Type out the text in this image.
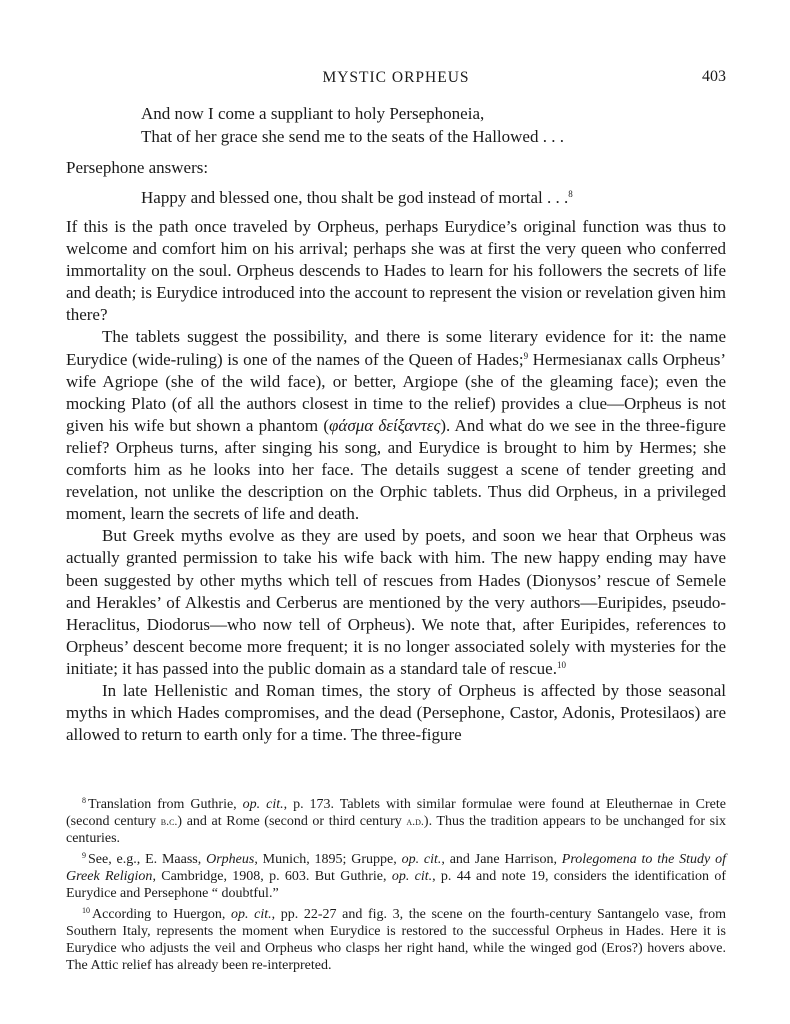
MYSTIC ORPHEUS	403
And now I come a suppliant to holy Persephoneia,
That of her grace she send me to the seats of the Hallowed . . .
Persephone answers:
Happy and blessed one, thou shalt be god instead of mortal . . .$^8$

If this is the path once traveled by Orpheus, perhaps Eurydice’s original function was thus to welcome and comfort him on his arrival; perhaps she was at first the very queen who conferred immortality on the soul. Orpheus descends to Hades to learn for his followers the secrets of life and death; is Eurydice introduced into the account to represent the vision or revelation given him there?

The tablets suggest the possibility, and there is some literary evidence for it: the name Eurydice (wide-ruling) is one of the names of the Queen of Hades;$^9$ Hermesianax calls Orpheus’ wife Agriope (she of the wild face), or better, Argiope (she of the gleaming face); even the mocking Plato (of all the authors closest in time to the relief) provides a clue—Orpheus is not given his wife but shown a phantom (φάσμα δείξαντες). And what do we see in the three-figure relief? Orpheus turns, after singing his song, and Eurydice is brought to him by Hermes; she comforts him as he looks into her face. The details suggest a scene of tender greeting and revelation, not unlike the description on the Orphic tablets. Thus did Orpheus, in a privileged moment, learn the secrets of life and death.

But Greek myths evolve as they are used by poets, and soon we hear that Orpheus was actually granted permission to take his wife back with him. The new happy ending may have been suggested by other myths which tell of rescues from Hades (Dionysos’ rescue of Semele and Herakles’ of Alkestis and Cerberus are mentioned by the very authors—Euripides, pseudo-Heraclitus, Diodorus—who now tell of Orpheus). We note that, after Euripides, references to Orpheus’ descent become more frequent; it is no longer associated solely with mysteries for the initiate; it has passed into the public domain as a standard tale of rescue.$^{10}$

In late Hellenistic and Roman times, the story of Orpheus is affected by those seasonal myths in which Hades compromises, and the dead (Persephone, Castor, Adonis, Protesilaos) are allowed to return to earth only for a time. The three-figure

$^8$ Translation from Guthrie, op. cit., p. 173. Tablets with similar formulae were found at Eleuthernae in Crete (second century b.c.) and at Rome (second or third century a.d.). Thus the tradition appears to be unchanged for six centuries.

$^9$ See, e.g., E. Maass, Orpheus, Munich, 1895; Gruppe, op. cit., and Jane Harrison, Prolegomena to the Study of Greek Religion, Cambridge, 1908, p. 603. But Guthrie, op. cit., p. 44 and note 19, considers the identification of Eurydice and Persephone “ doubtful.”

$^{10}$ According to Huergon, op. cit., pp. 22-27 and fig. 3, the scene on the fourth-century Santangelo vase, from Southern Italy, represents the moment when Eurydice is restored to the successful Orpheus in Hades. Here it is Eurydice who adjusts the veil and Orpheus who clasps her right hand, while the winged god (Eros?) hovers above. The Attic relief has already been re-interpreted.
